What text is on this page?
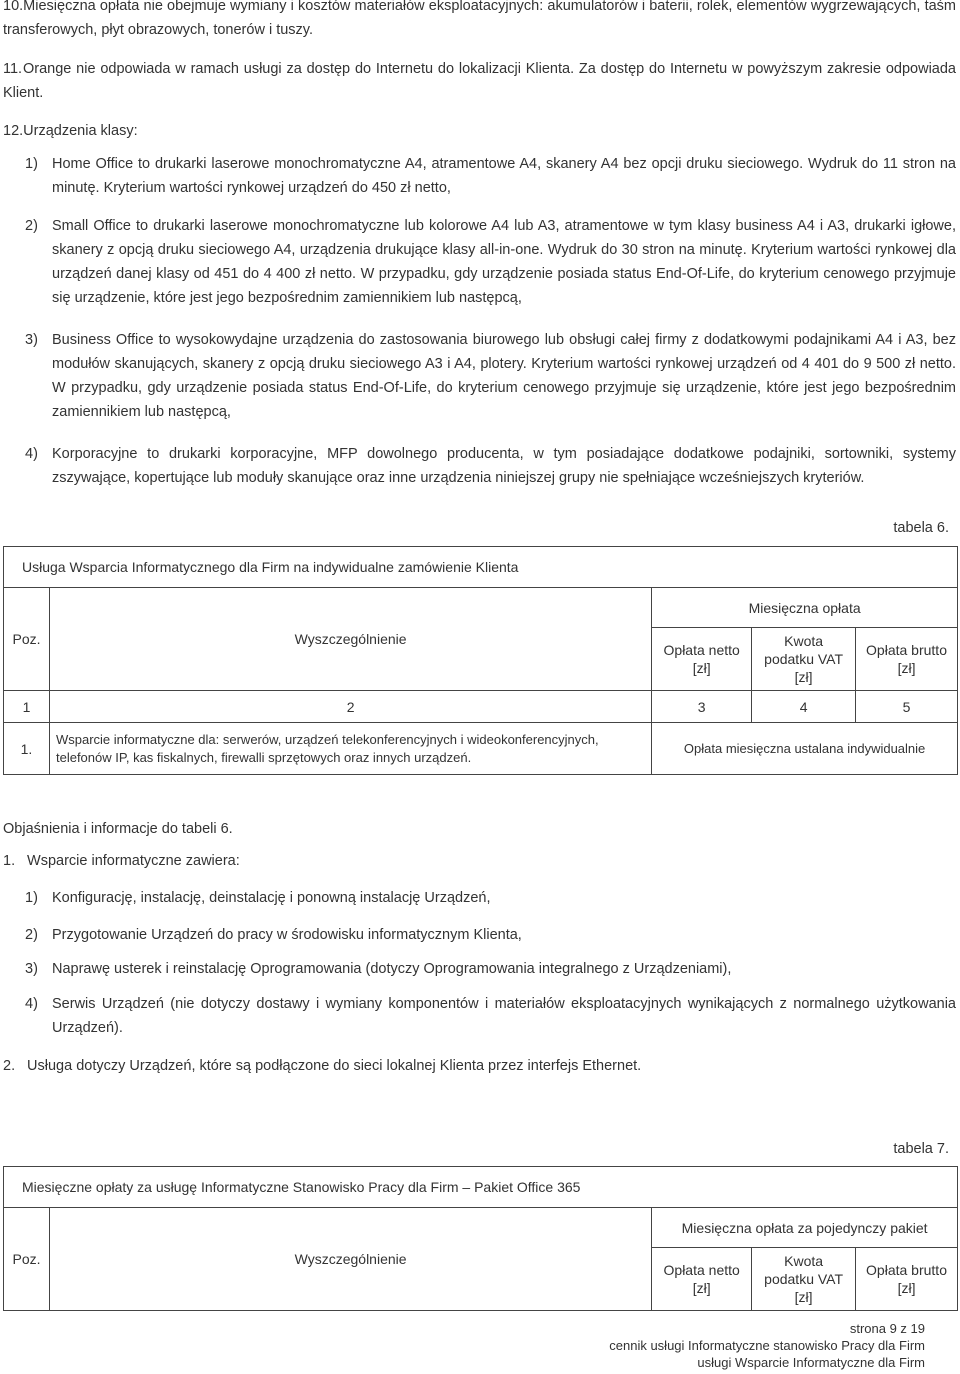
10.Miesięczna opłata nie obejmuje wymiany i kosztów materiałów eksploatacyjnych: akumulatorów i baterii, rolek, elementów wygrzewających, taśm transferowych, płyt obrazowych, tonerów i tuszy.
11.Orange nie odpowiada w ramach usługi za dostęp do Internetu do lokalizacji Klienta. Za dostęp do Internetu w powyższym zakresie odpowiada Klient.
12.Urządzenia klasy:
1) Home Office to drukarki laserowe monochromatyczne A4, atramentowe A4, skanery A4 bez opcji druku sieciowego. Wydruk do 11 stron na minutę. Kryterium wartości rynkowej urządzeń do 450 zł netto,
2) Small Office to drukarki laserowe monochromatyczne lub kolorowe A4 lub A3, atramentowe w tym klasy business A4 i A3, drukarki igłowe, skanery z opcją druku sieciowego A4, urządzenia drukujące klasy all-in-one. Wydruk do 30 stron na minutę. Kryterium wartości rynkowej dla urządzeń danej klasy od 451 do 4 400 zł netto. W przypadku, gdy urządzenie posiada status End-Of-Life, do kryterium cenowego przyjmuje się urządzenie, które jest jego bezpośrednim zamiennikiem lub następcą,
3) Business Office to wysokowydajne urządzenia do zastosowania biurowego lub obsługi całej firmy z dodatkowymi podajnikami A4 i A3, bez modułów skanujących, skanery z opcją druku sieciowego A3 i A4, plotery. Kryterium wartości rynkowej urządzeń od 4 401 do 9 500 zł netto. W przypadku, gdy urządzenie posiada status End-Of-Life, do kryterium cenowego przyjmuje się urządzenie, które jest jego bezpośrednim zamiennikiem lub następcą,
4) Korporacyjne to drukarki korporacyjne, MFP dowolnego producenta, w tym posiadające dodatkowe podajniki, sortowniki, systemy zszywające, kopertujące lub moduły skanujące oraz inne urządzenia niniejszej grupy nie spełniające wcześniejszych kryteriów.
tabela 6.
Usługa Wsparcia Informatycznego dla Firm na indywidualne zamówienie Klienta				
Poz.	Wyszczególnienie	Miesięczna opłata		
		Opłata netto [zł]	Kwota podatku VAT [zł]	Opłata brutto [zł]
1	2	3	4	5
1.	Wsparcie informatyczne dla: serwerów, urządzeń telekonferencyjnych i wideokonferencyjnych, telefonów IP, kas fiskalnych, firewalli sprzętowych oraz innych urządzeń.	Opłata miesięczna ustalana indywidualnie		
Objaśnienia i informacje do tabeli 6.
1. Wsparcie informatyczne zawiera:
1) Konfigurację, instalację, deinstalację i ponowną instalację Urządzeń,
2) Przygotowanie Urządzeń do pracy w środowisku informatycznym Klienta,
3) Naprawę usterek i reinstalację Oprogramowania (dotyczy Oprogramowania integralnego z Urządzeniami),
4) Serwis Urządzeń (nie dotyczy dostawy i wymiany komponentów i materiałów eksploatacyjnych wynikających z normalnego użytkowania Urządzeń).
2. Usługa dotyczy Urządzeń, które są podłączone do sieci lokalnej Klienta przez interfejs Ethernet.
tabela 7.
Miesięczne opłaty za usługę Informatyczne Stanowisko Pracy dla Firm – Pakiet Office 365				
Poz.	Wyszczególnienie	Miesięczna opłata za pojedynczy pakiet		
		Opłata netto [zł]	Kwota podatku VAT [zł]	Opłata brutto [zł]
strona 9 z 19
cennik usługi Informatyczne stanowisko Pracy dla Firm
usługi Wsparcie Informatyczne dla Firm
